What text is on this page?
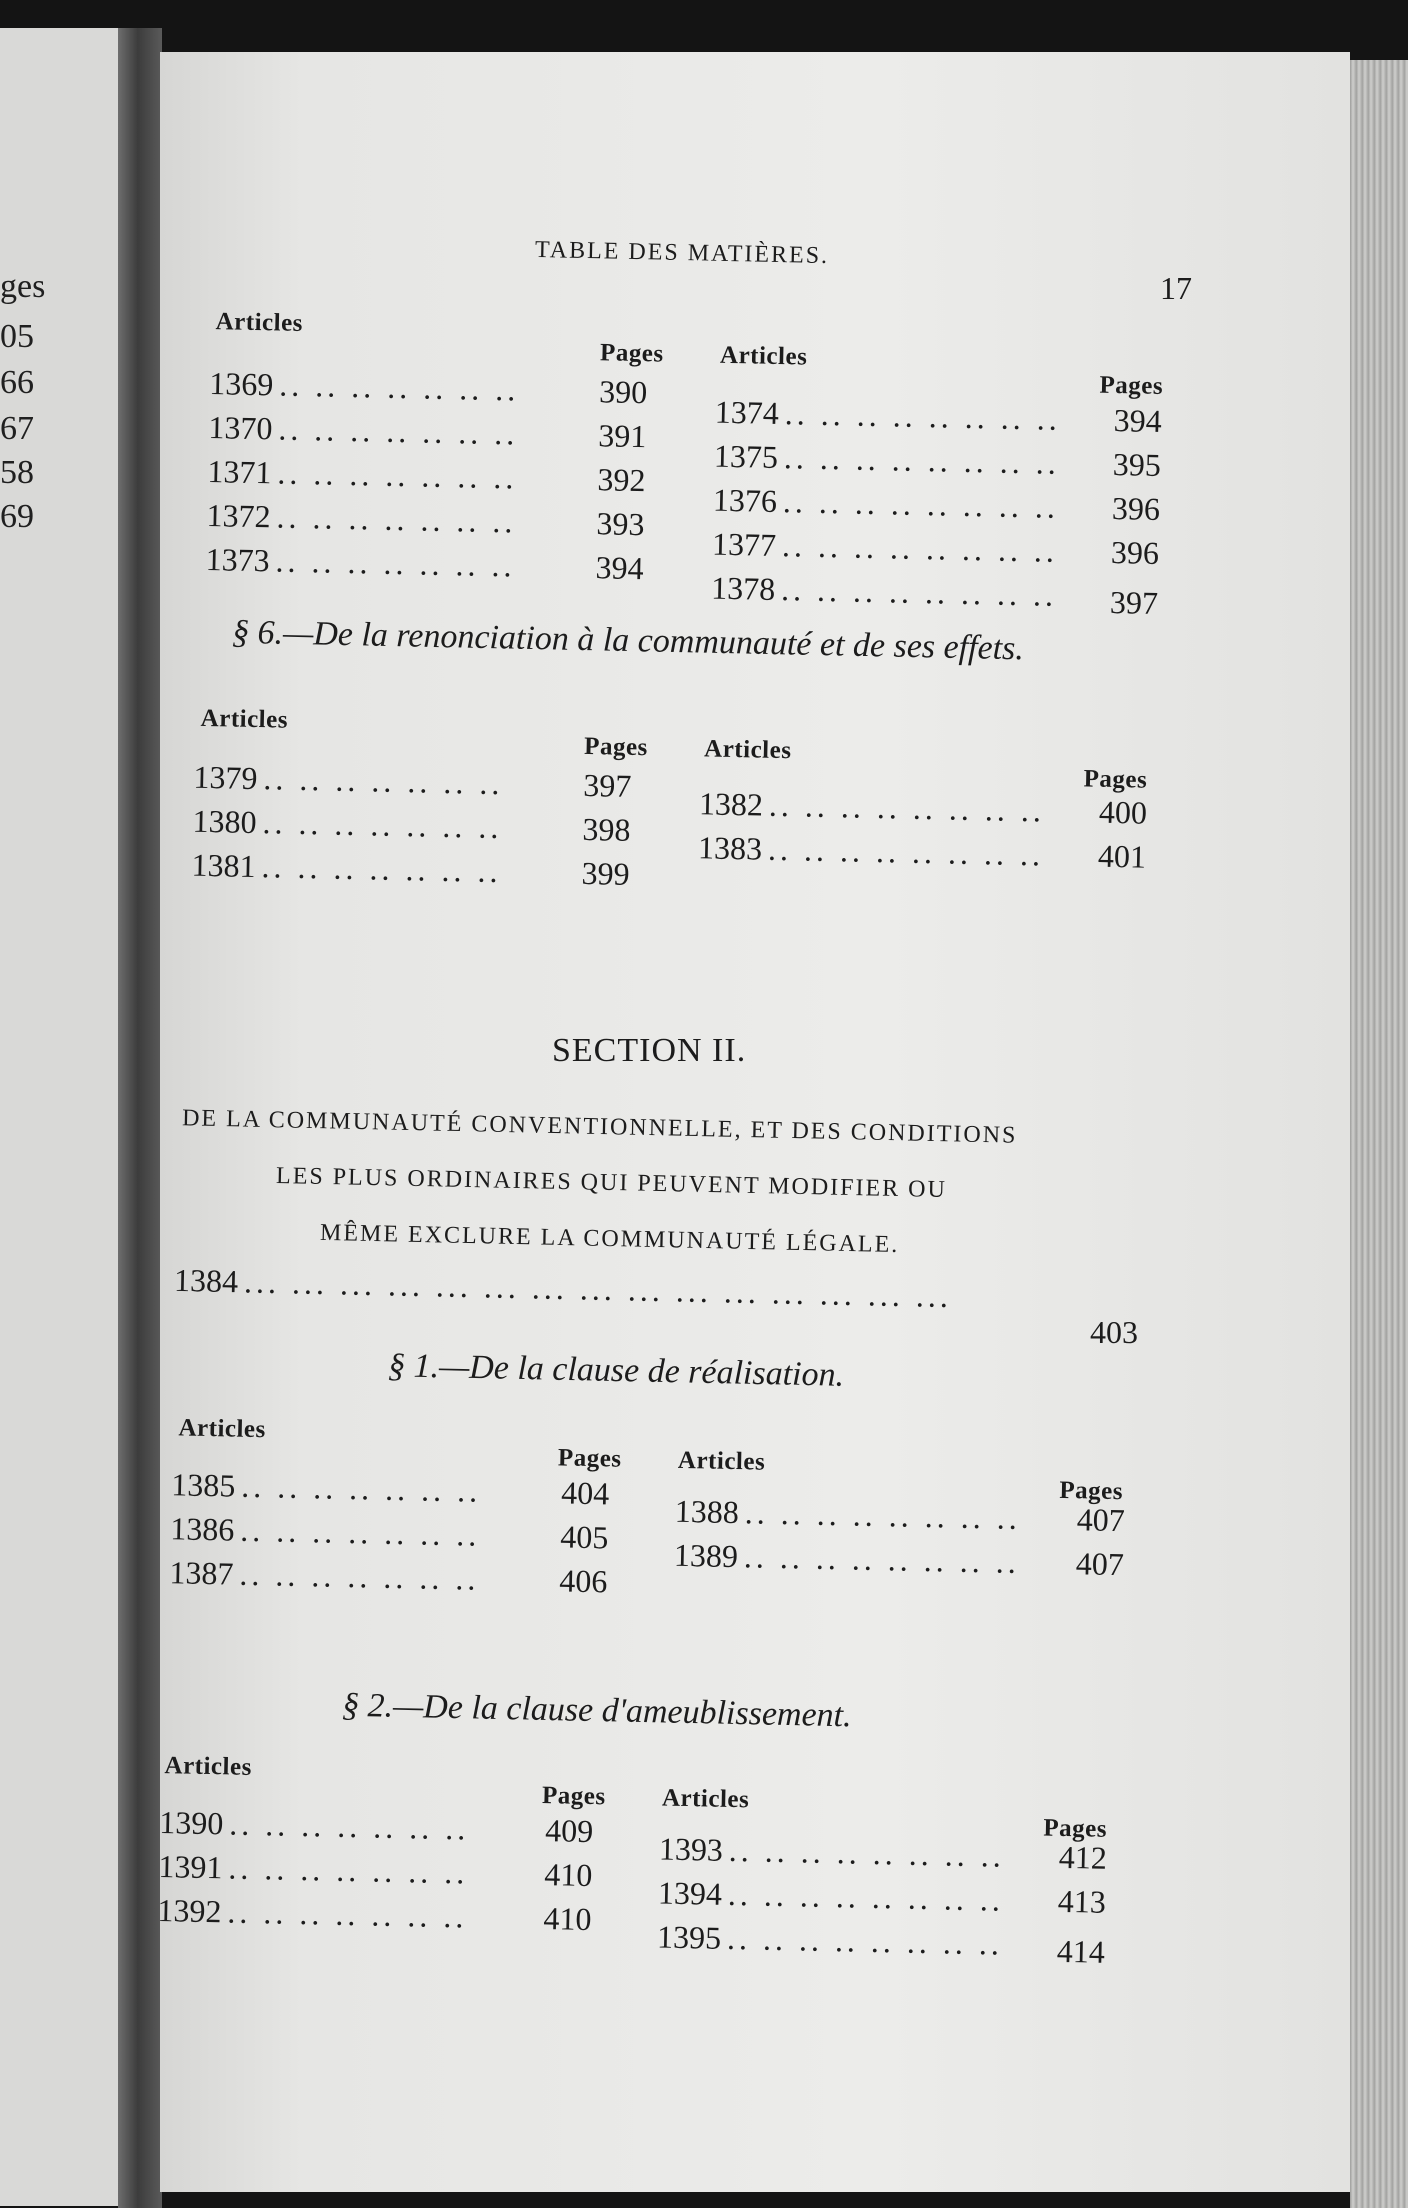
ges
05
66
67
58
69
TABLE DES MATIÈRES.
17
Articles
Pages Articles
Pages
1369 .. .. .. .. .. .. .. 390
1370 .. .. .. .. .. .. .. 391
1371 .. .. .. .. .. .. .. 392
1372 .. .. .. .. .. .. .. 393
1373 .. .. .. .. .. .. .. 394
1374 .. .. .. .. .. .. .. .. 394
1375 .. .. .. .. .. .. .. .. 395
1376 .. .. .. .. .. .. .. .. 396
1377 .. .. .. .. .. .. .. .. 396
1378 .. .. .. .. .. .. .. .. 397
§ 6.—De la renonciation à la communauté et de ses effets.
Articles
Pages Articles
Pages
1379 .. .. .. .. .. .. .. 397
1380 .. .. .. .. .. .. .. 398
1381 .. .. .. .. .. .. .. 399
1382 .. .. .. .. .. .. .. .. 400
1383 .. .. .. .. .. .. .. .. 401
SECTION II.
DE LA COMMUNAUTÉ CONVENTIONNELLE, ET DES CONDITIONS
LES PLUS ORDINAIRES QUI PEUVENT MODIFIER OU
MÊME EXCLURE LA COMMUNAUTÉ LÉGALE.
1384 ... ... ... ... ... ... ... ... ... ... ... ... ... ... ...
403
§ 1.—De la clause de réalisation.
Articles
Pages Articles
Pages
1385 .. .. .. .. .. .. .. 404
1386 .. .. .. .. .. .. .. 405
1387 .. .. .. .. .. .. .. 406
1388 .. .. .. .. .. .. .. .. 407
1389 .. .. .. .. .. .. .. .. 407
§ 2.—De la clause d'ameublissement.
Articles
Pages Articles
Pages
1390 .. .. .. .. .. .. .. 409
1391 .. .. .. .. .. .. .. 410
1392 .. .. .. .. .. .. .. 410
1393 .. .. .. .. .. .. .. .. 412
1394 .. .. .. .. .. .. .. .. 413
1395 .. .. .. .. .. .. .. .. 414
